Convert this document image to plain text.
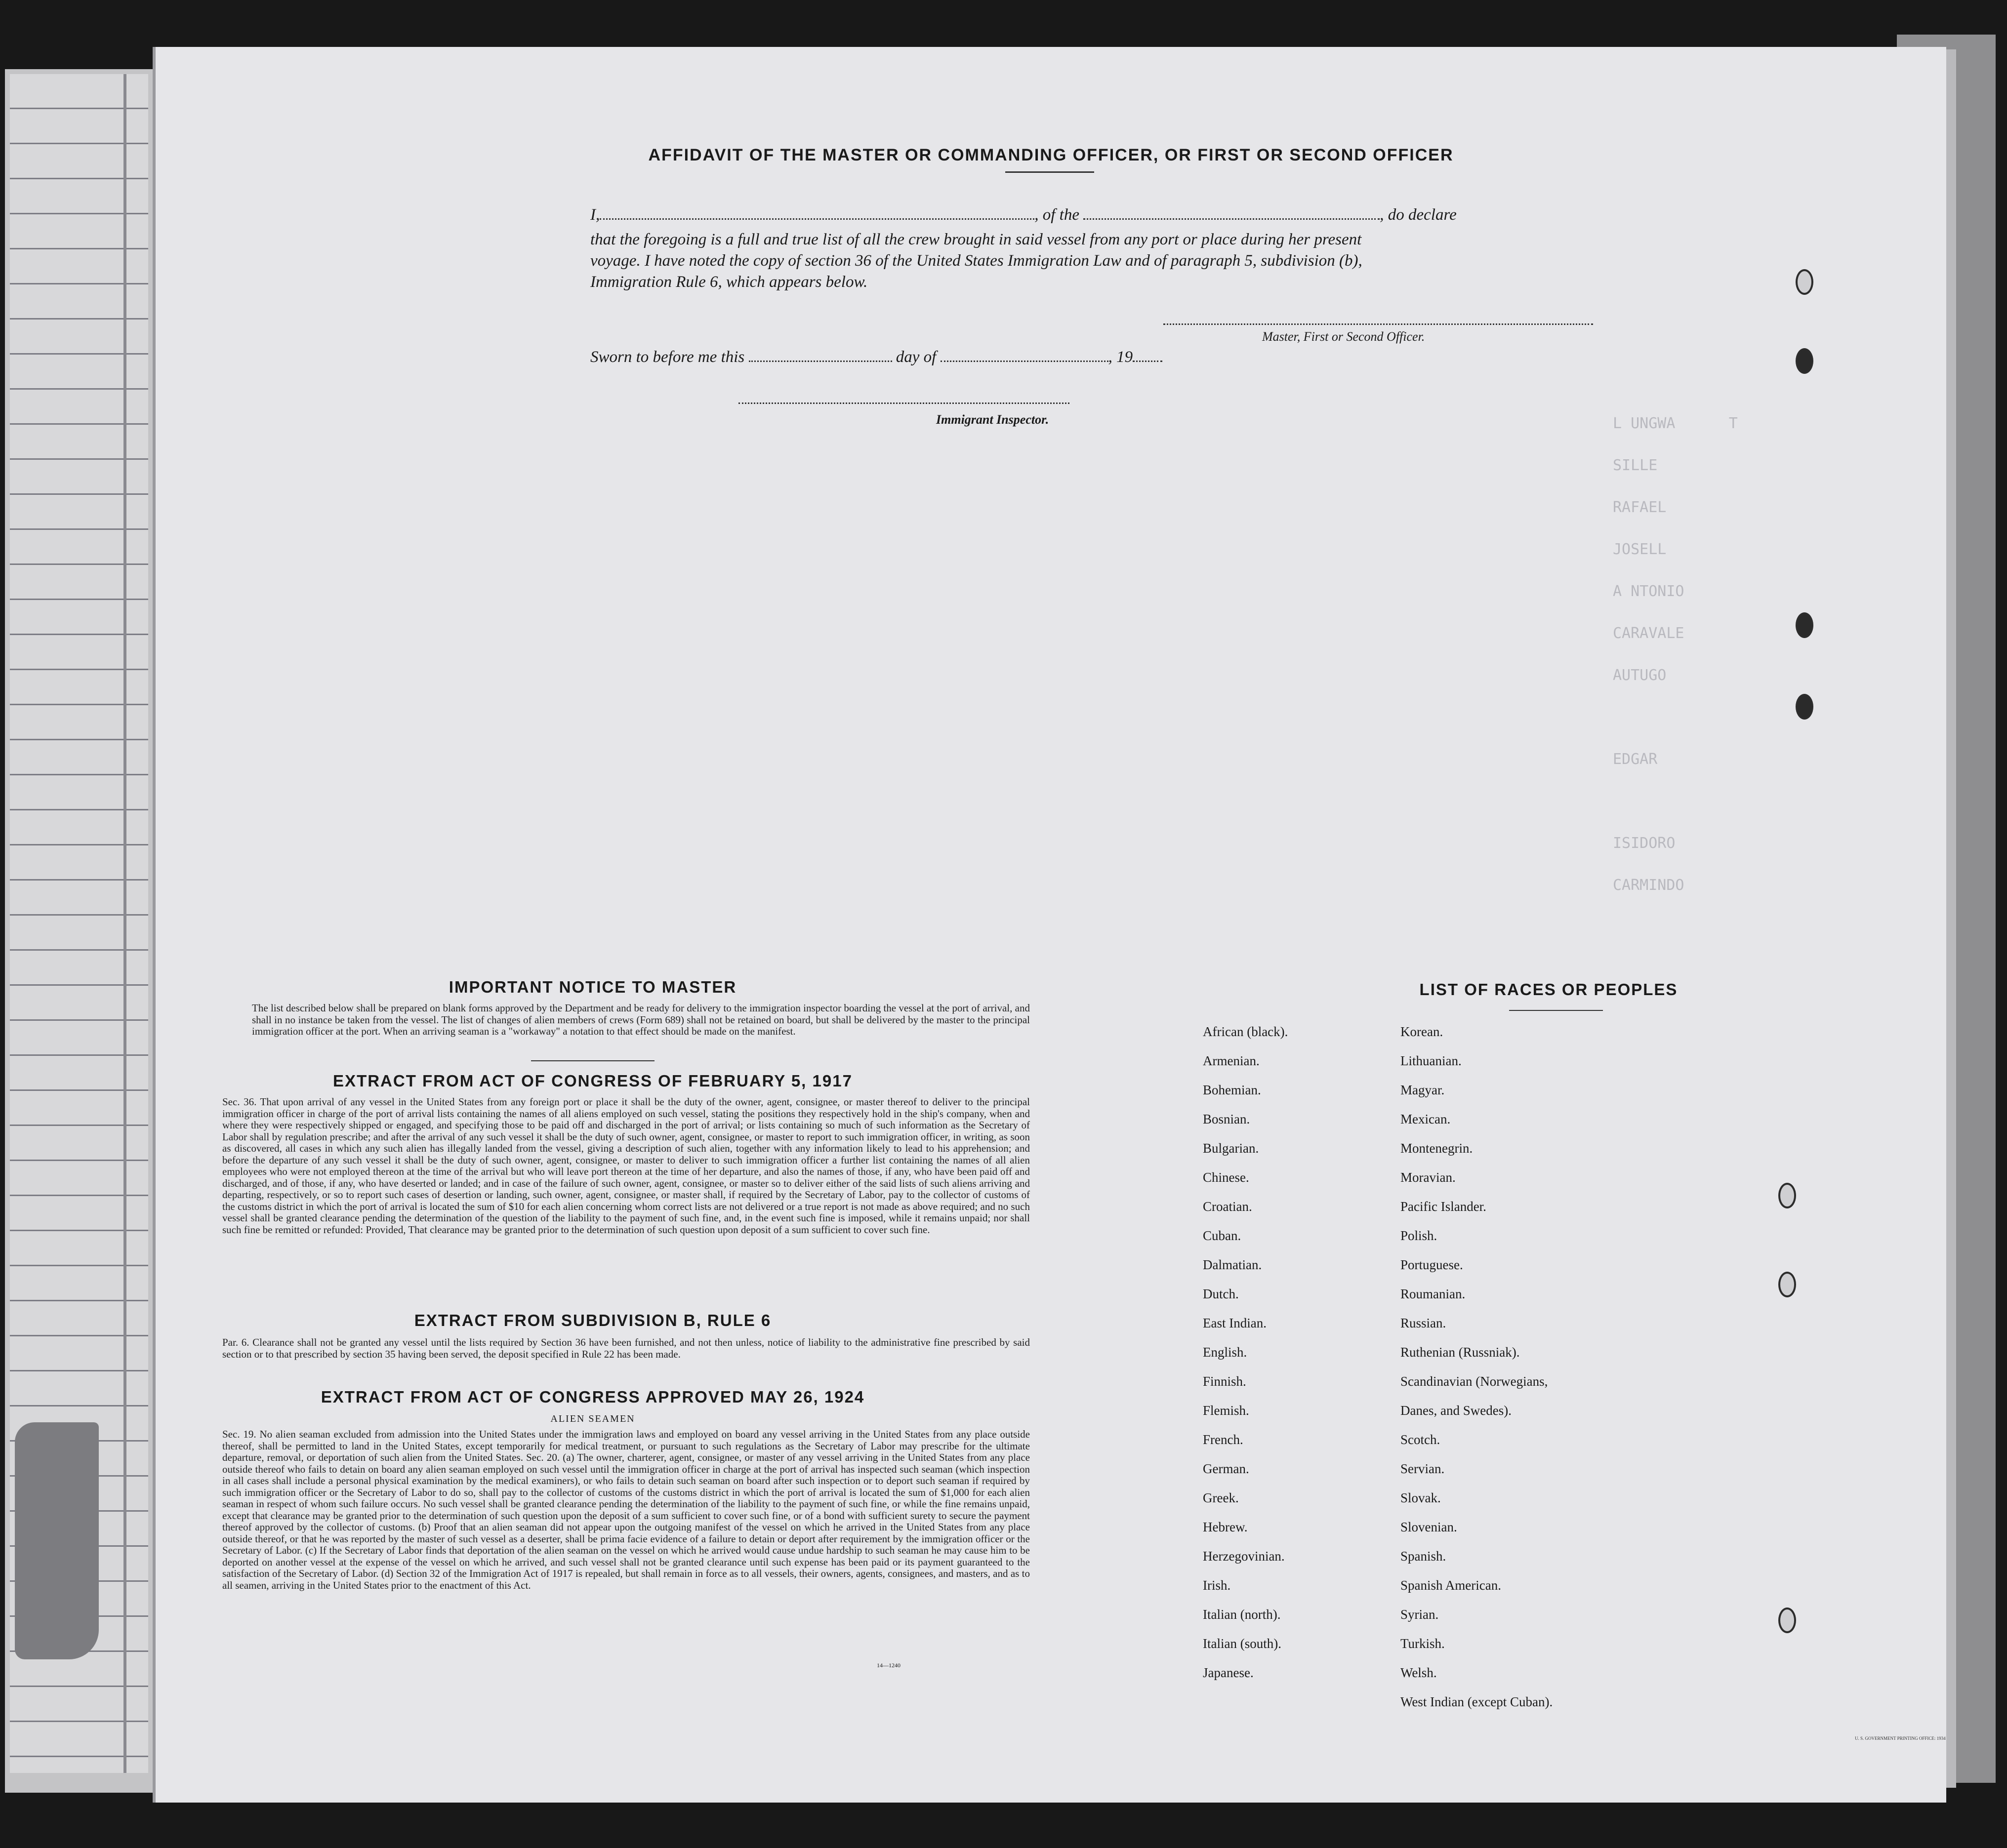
AFFIDAVIT OF THE MASTER OR COMMANDING OFFICER, OR FIRST OR SECOND OFFICER
I,	, of the	, do declare
that the foregoing is a full and true list of all the crew brought in said vessel from any port or place during her present
voyage. I have noted the copy of section 36 of the United States Immigration Law and of paragraph 5, subdivision (b),
Immigration Rule 6, which appears below.
Master, First or Second Officer.
Sworn to before me this	day of	, 19
Immigrant Inspector.	L UNGWA      T
SILLE
RAFAEL
JOSELL
A NTONIO
CARAVALE
AUTUGO
EDGAR
ISIDORO
CARMINDO
IMPORTANT NOTICE TO MASTER
The list described below shall be prepared on blank forms approved by the Department and be ready for delivery to the immigration inspector boarding the vessel at the port of arrival, and shall in no instance be taken from the vessel. The list of changes of alien members of crews (Form 689) shall not be retained on board, but shall be delivered by the master to the principal immigration officer at the port. When an arriving seaman is a "workaway" a notation to that effect should be made on the manifest.
EXTRACT FROM ACT OF CONGRESS OF FEBRUARY 5, 1917
Sec. 36. That upon arrival of any vessel in the United States from any foreign port or place it shall be the duty of the owner, agent, consignee, or master thereof to deliver to the principal immigration officer in charge of the port of arrival lists containing the names of all aliens employed on such vessel, stating the positions they respectively hold in the ship's company, when and where they were respectively shipped or engaged, and specifying those to be paid off and discharged in the port of arrival; or lists containing so much of such information as the Secretary of Labor shall by regulation prescribe; and after the arrival of any such vessel it shall be the duty of such owner, agent, consignee, or master to report to such immigration officer, in writing, as soon as discovered, all cases in which any such alien has illegally landed from the vessel, giving a description of such alien, together with any information likely to lead to his apprehension; and before the departure of any such vessel it shall be the duty of such owner, agent, consignee, or master to deliver to such immigration officer a further list containing the names of all alien employees who were not employed thereon at the time of the arrival but who will leave port thereon at the time of her departure, and also the names of those, if any, who have been paid off and discharged, and of those, if any, who have deserted or landed; and in case of the failure of such owner, agent, consignee, or master so to deliver either of the said lists of such aliens arriving and departing, respectively, or so to report such cases of desertion or landing, such owner, agent, consignee, or master shall, if required by the Secretary of Labor, pay to the collector of customs of the customs district in which the port of arrival is located the sum of $10 for each alien concerning whom correct lists are not delivered or a true report is not made as above required; and no such vessel shall be granted clearance pending the determination of the question of the liability to the payment of such fine, and, in the event such fine is imposed, while it remains unpaid; nor shall such fine be remitted or refunded: Provided, That clearance may be granted prior to the determination of such question upon deposit of a sum sufficient to cover such fine.
EXTRACT FROM SUBDIVISION B, RULE 6
Par. 6. Clearance shall not be granted any vessel until the lists required by Section 36 have been furnished, and not then unless, notice of liability to the administrative fine prescribed by said section or to that prescribed by section 35 having been served, the deposit specified in Rule 22 has been made.
EXTRACT FROM ACT OF CONGRESS APPROVED MAY 26, 1924
ALIEN SEAMEN
Sec. 19. No alien seaman excluded from admission into the United States under the immigration laws and employed on board any vessel arriving in the United States from any place outside thereof, shall be permitted to land in the United States, except temporarily for medical treatment, or pursuant to such regulations as the Secretary of Labor may prescribe for the ultimate departure, removal, or deportation of such alien from the United States. Sec. 20. (a) The owner, charterer, agent, consignee, or master of any vessel arriving in the United States from any place outside thereof who fails to detain on board any alien seaman employed on such vessel until the immigration officer in charge at the port of arrival has inspected such seaman (which inspection in all cases shall include a personal physical examination by the medical examiners), or who fails to detain such seaman on board after such inspection or to deport such seaman if required by such immigration officer or the Secretary of Labor to do so, shall pay to the collector of customs of the customs district in which the port of arrival is located the sum of $1,000 for each alien seaman in respect of whom such failure occurs. No such vessel shall be granted clearance pending the determination of the liability to the payment of such fine, or while the fine remains unpaid, except that clearance may be granted prior to the determination of such question upon the deposit of a sum sufficient to cover such fine, or of a bond with sufficient surety to secure the payment thereof approved by the collector of customs. (b) Proof that an alien seaman did not appear upon the outgoing manifest of the vessel on which he arrived in the United States from any place outside thereof, or that he was reported by the master of such vessel as a deserter, shall be prima facie evidence of a failure to detain or deport after requirement by the immigration officer or the Secretary of Labor. (c) If the Secretary of Labor finds that deportation of the alien seaman on the vessel on which he arrived would cause undue hardship to such seaman he may cause him to be deported on another vessel at the expense of the vessel on which he arrived, and such vessel shall not be granted clearance until such expense has been paid or its payment guaranteed to the satisfaction of the Secretary of Labor. (d) Section 32 of the Immigration Act of 1917 is repealed, but shall remain in force as to all vessels, their owners, agents, consignees, and masters, and as to all seamen, arriving in the United States prior to the enactment of this Act.
14—1240
LIST OF RACES OR PEOPLES
African (black).
Armenian.
Bohemian.
Bosnian.
Bulgarian.
Chinese.
Croatian.
Cuban.
Dalmatian.
Dutch.
East Indian.
English.
Finnish.
Flemish.
French.
German.
Greek.
Hebrew.
Herzegovinian.
Irish.
Italian (north).
Italian (south).
Japanese.
Korean.
Lithuanian.
Magyar.
Mexican.
Montenegrin.
Moravian.
Pacific Islander.
Polish.
Portuguese.
Roumanian.
Russian.
Ruthenian (Russniak).
Scandinavian (Norwegians,
Danes, and Swedes).
Scotch.
Servian.
Slovak.
Slovenian.
Spanish.
Spanish American.
Syrian.
Turkish.
Welsh.
West Indian (except Cuban).
U. S. GOVERNMENT PRINTING OFFICE: 1934
